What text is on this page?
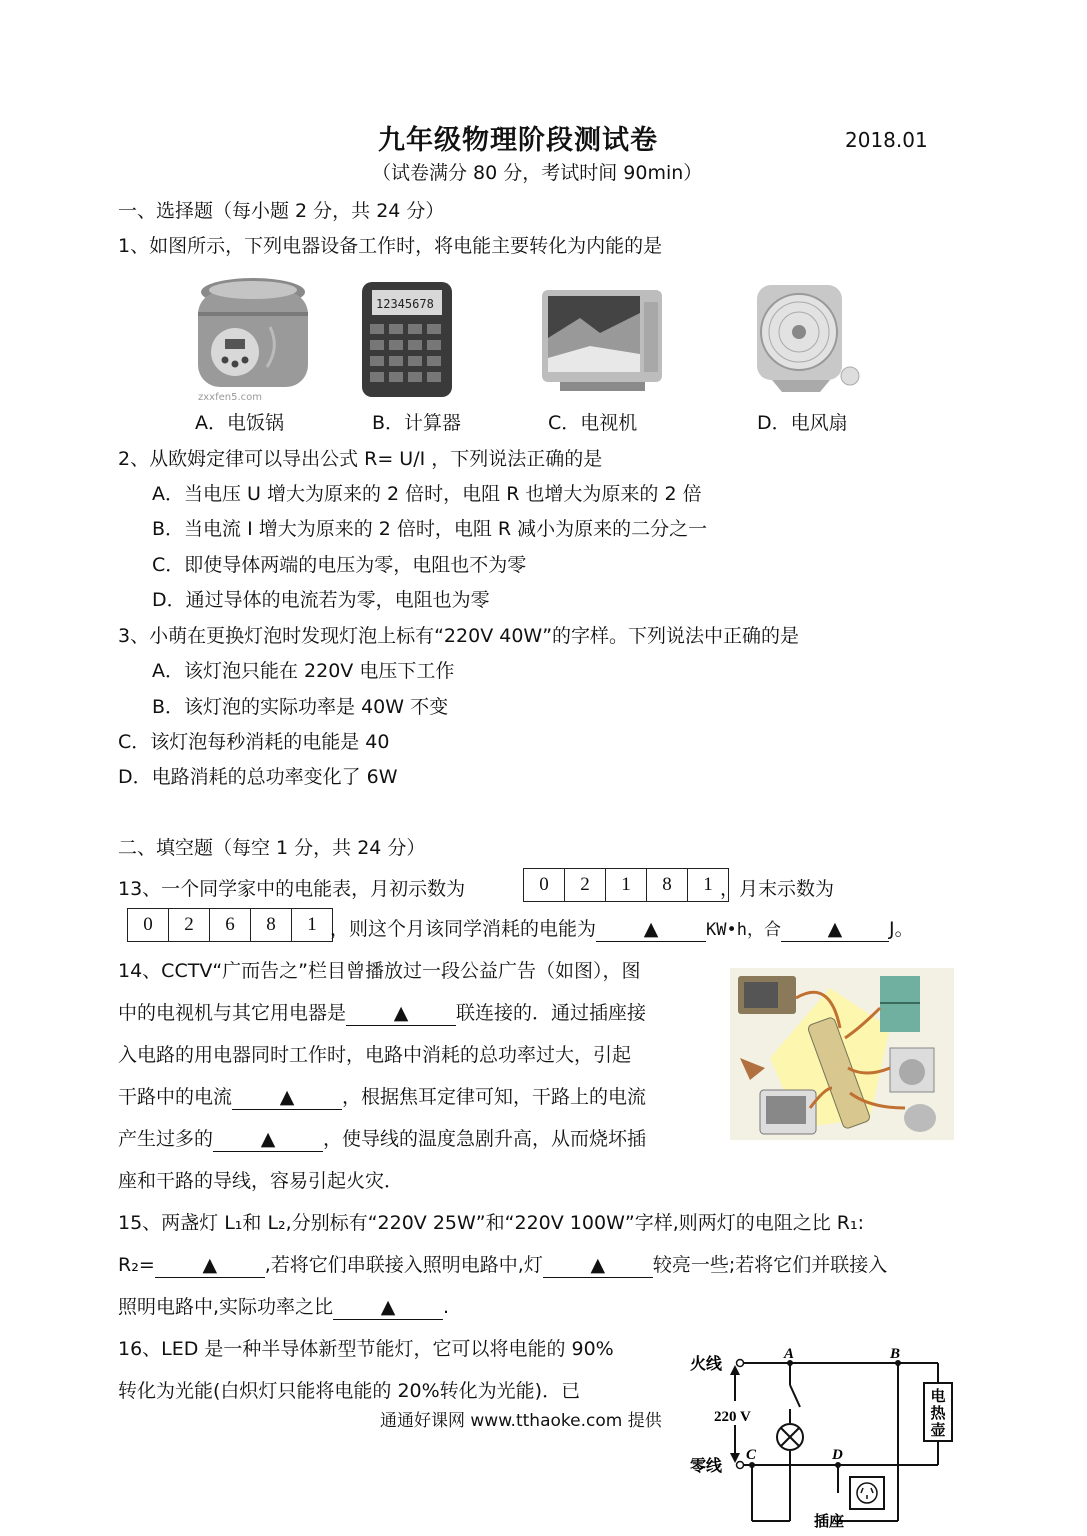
九年级物理阶段测试卷	2018.01
（试卷满分 80 分，考试时间 90min）
一、选择题（每小题 2 分，共 24 分）
1、如图所示，下列电器设备工作时，将电能主要转化为内能的是
zxxfen5.com
12345678
A．电饭锅	B．计算器	C．电视机	D．电风扇
2、从欧姆定律可以导出公式 R= U/I ，下列说法正确的是
A．当电压 U 增大为原来的 2 倍时，电阻 R 也增大为原来的 2 倍
B．当电流 I 增大为原来的 2 倍时，电阻 R 减小为原来的二分之一
C．即使导体两端的电压为零，电阻也不为零
D．通过导体的电流若为零，电阻也为零
3、小萌在更换灯泡时发现灯泡上标有“220V 40W”的字样。下列说法中正确的是
A．该灯泡只能在 220V 电压下工作
B．该灯泡的实际功率是 40W 不变
C．该灯泡每秒消耗的电能是 40
D．电路消耗的总功率变化了 6W
二、填空题（每空 1 分，共 24 分）
13、一个同学家中的电能表，月初示数为	0	2	1	8	1 ，月末示数为
0	2	6	8	1 ，则这个月该同学消耗的电能为	▲	KW•h，合 ▲ J。
14、CCTV“广而告之”栏目曾播放过一段公益广告（如图），图
中的电视机与其它用电器是	▲	联连接的．通过插座接
入电路的用电器同时工作时，电路中消耗的总功率过大，引起
干路中的电流	▲	，根据焦耳定律可知，干路上的电流
产生过多的	▲	，使导线的温度急剧升高，从而烧坏插
座和干路的导线，容易引起火灾．
15、两盏灯 L₁和 L₂,分别标有“220V 25W”和“220V 100W”字样,则两灯的电阻之比 R₁:
R₂=	▲	,若将它们串联接入照明电路中,灯	▲	较亮一些;若将它们并联接入
照明电路中,实际功率之比	▲	.
16、LED 是一种半导体新型节能灯，它可以将电能的 90%
转化为光能(白炽灯只能将电能的 20%转化为光能)．已
火线
零线
220 V
A	B
C	D
插座
电
热
壶
通通好课网 www.tthaoke.com 提供
